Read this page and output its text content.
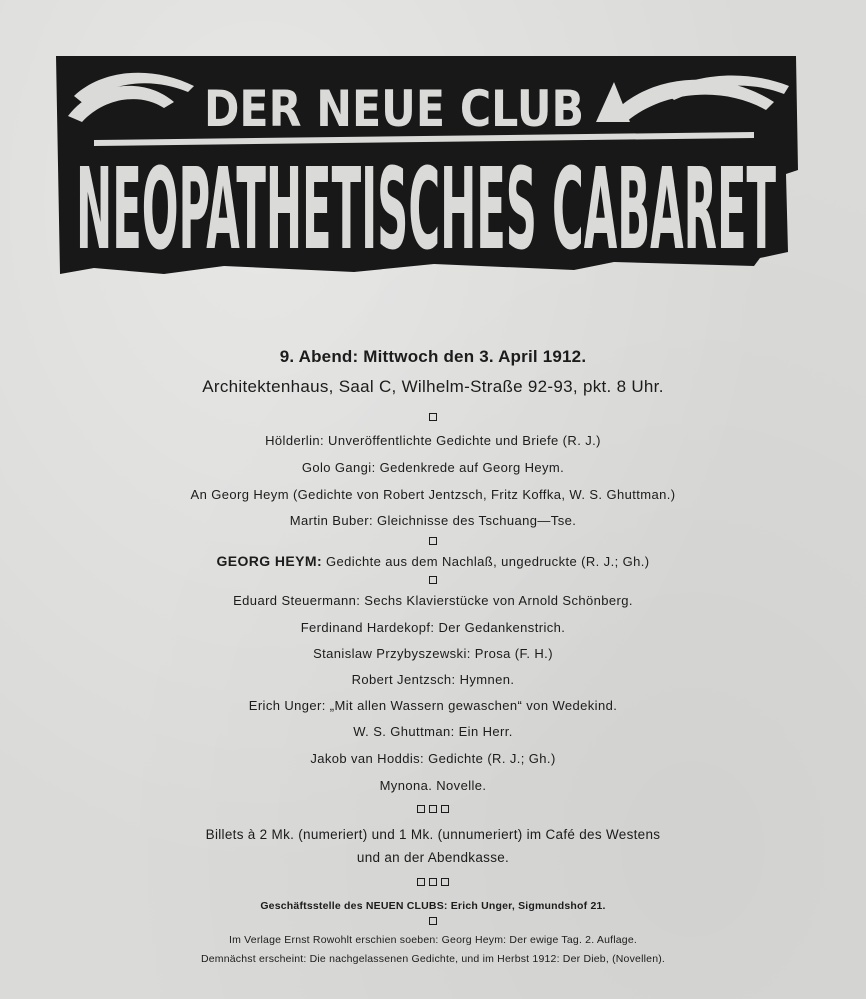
DER NEUE CLUB
NEOPATHETISCHES CABARET
9. Abend: Mittwoch den 3. April 1912.
Architektenhaus, Saal C, Wilhelm-Straße 92-93, pkt. 8 Uhr.
Hölderlin: Unveröffentlichte Gedichte und Briefe (R. J.)
Golo Gangi: Gedenkrede auf Georg Heym.
An Georg Heym (Gedichte von Robert Jentzsch, Fritz Koffka, W. S. Ghuttman.)
Martin Buber: Gleichnisse des Tschuang—Tse.
GEORG HEYM: Gedichte aus dem Nachlaß, ungedruckte (R. J.; Gh.)
Eduard Steuermann: Sechs Klavierstücke von Arnold Schönberg.
Ferdinand Hardekopf: Der Gedankenstrich.
Stanislaw Przybyszewski: Prosa (F. H.)
Robert Jentzsch: Hymnen.
Erich Unger: „Mit allen Wassern gewaschen“ von Wedekind.
W. S. Ghuttman: Ein Herr.
Jakob van Hoddis: Gedichte (R. J.; Gh.)
Mynona. Novelle.
Billets à 2 Mk. (numeriert) und 1 Mk. (unnumeriert) im Café des Westens
und an der Abendkasse.
Geschäftsstelle des NEUEN CLUBS: Erich Unger, Sigmundshof 21.
Im Verlage Ernst Rowohlt erschien soeben: Georg Heym: Der ewige Tag. 2. Auflage.
Demnächst erscheint: Die nachgelassenen Gedichte, und im Herbst 1912: Der Dieb, (Novellen).
